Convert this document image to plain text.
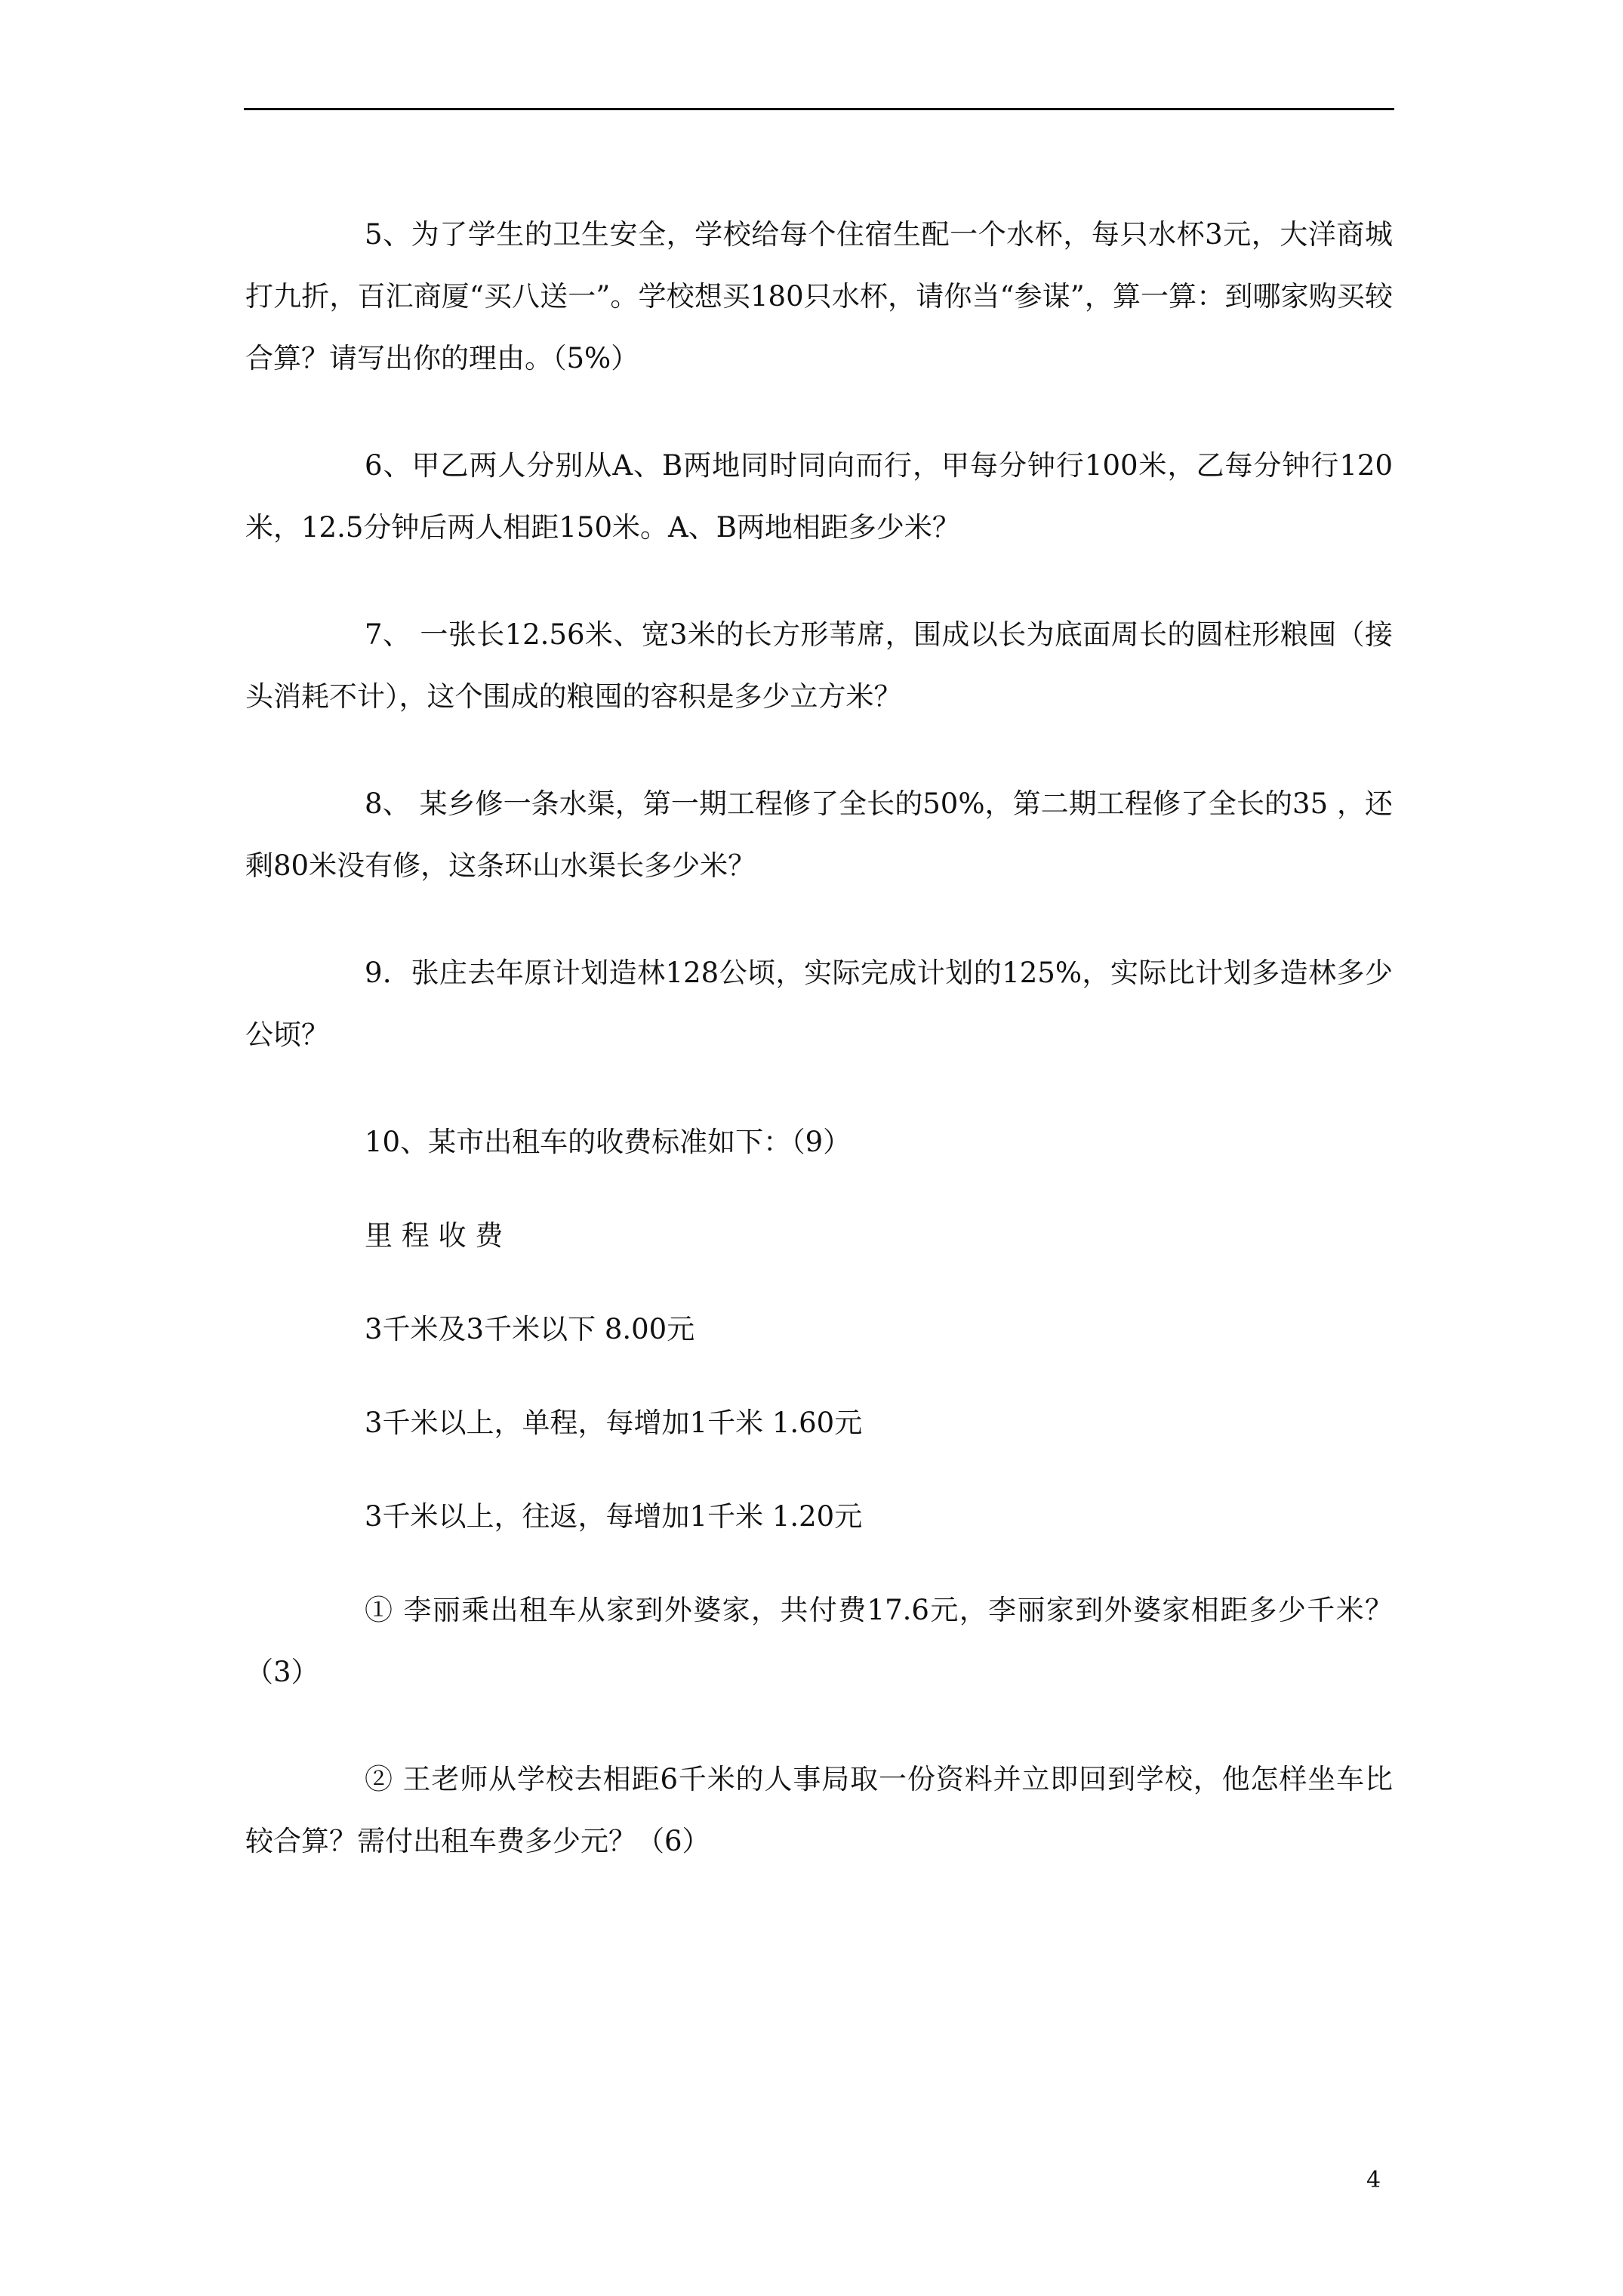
5、为了学生的卫生安全，学校给每个住宿生配一个水杯，每只水杯3元，大洋商城打九折，百汇商厦“买八送一”。学校想买180只水杯，请你当“参谋”，算一算：到哪家购买较合算？请写出你的理由。（5%）

6、甲乙两人分别从A、B两地同时同向而行，甲每分钟行100米，乙每分钟行120米，12.5分钟后两人相距150米。A、B两地相距多少米？

7、 一张长12.56米、宽3米的长方形苇席，围成以长为底面周长的圆柱形粮囤（接头消耗不计），这个围成的粮囤的容积是多少立方米？

8、 某乡修一条水渠，第一期工程修了全长的50%，第二期工程修了全长的35 ，还剩80米没有修，这条环山水渠长多少米？

9．张庄去年原计划造林128公顷，实际完成计划的125%，实际比计划多造林多少公顷？

10、某市出租车的收费标准如下：（9）

里 程 收 费

3千米及3千米以下 8.00元

3千米以上，单程，每增加1千米 1.60元

3千米以上，往返，每增加1千米 1.20元

① 李丽乘出租车从家到外婆家，共付费17.6元，李丽家到外婆家相距多少千米？（3）

② 王老师从学校去相距6千米的人事局取一份资料并立即回到学校，他怎样坐车比较合算？需付出租车费多少元？（6）

4
